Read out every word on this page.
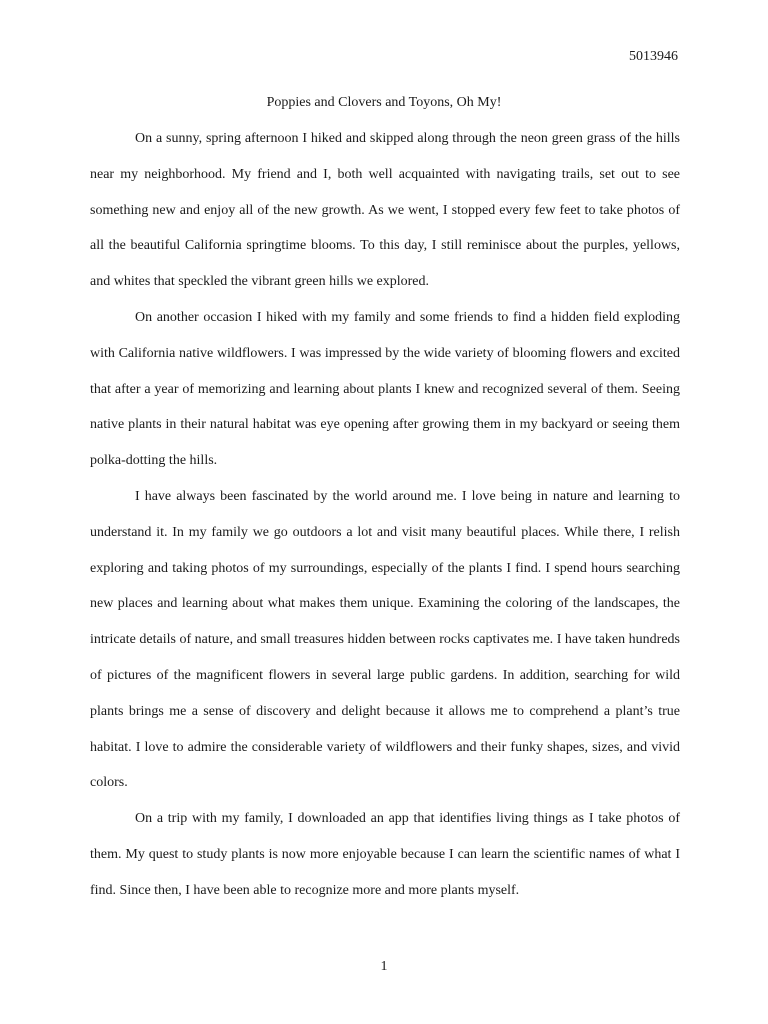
5013946
Poppies and Clovers and Toyons, Oh My!

On a sunny, spring afternoon I hiked and skipped along through the neon green grass of the hills near my neighborhood. My friend and I, both well acquainted with navigating trails, set out to see something new and enjoy all of the new growth. As we went, I stopped every few feet to take photos of all the beautiful California springtime blooms. To this day, I still reminisce about the purples, yellows, and whites that speckled the vibrant green hills we explored.

On another occasion I hiked with my family and some friends to find a hidden field exploding with California native wildflowers. I was impressed by the wide variety of blooming flowers and excited that after a year of memorizing and learning about plants I knew and recognized several of them. Seeing native plants in their natural habitat was eye opening after growing them in my backyard or seeing them polka-dotting the hills.

I have always been fascinated by the world around me. I love being in nature and learning to understand it. In my family we go outdoors a lot and visit many beautiful places. While there, I relish exploring and taking photos of my surroundings, especially of the plants I find. I spend hours searching new places and learning about what makes them unique. Examining the coloring of the landscapes, the intricate details of nature, and small treasures hidden between rocks captivates me. I have taken hundreds of pictures of the magnificent flowers in several large public gardens. In addition, searching for wild plants brings me a sense of discovery and delight because it allows me to comprehend a plant’s true habitat. I love to admire the considerable variety of wildflowers and their funky shapes, sizes, and vivid colors.

On a trip with my family, I downloaded an app that identifies living things as I take photos of them. My quest to study plants is now more enjoyable because I can learn the scientific names of what I find. Since then, I have been able to recognize more and more plants myself.

1
